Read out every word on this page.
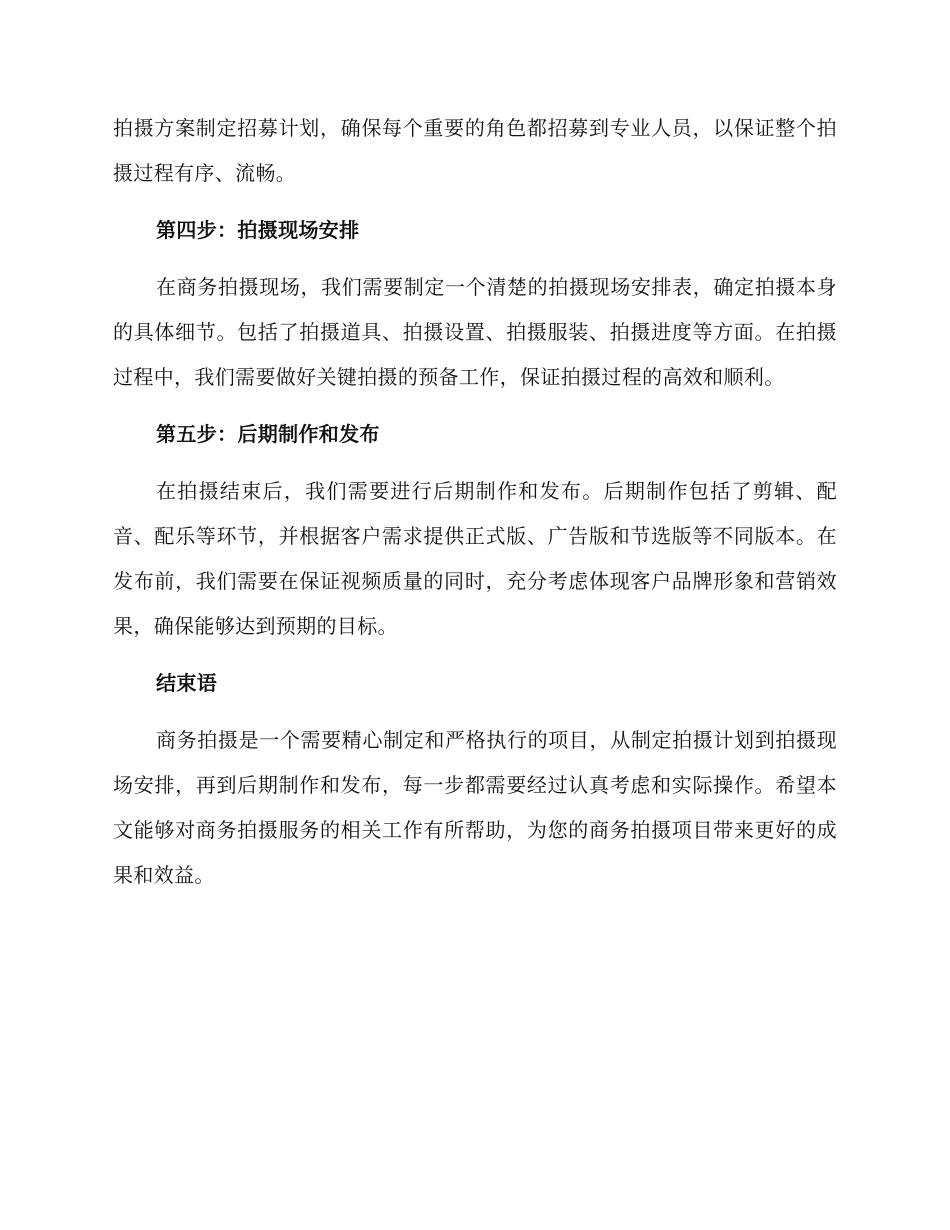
拍摄方案制定招募计划，确保每个重要的角色都招募到专业人员，以保证整个拍摄过程有序、流畅。

第四步：拍摄现场安排

在商务拍摄现场，我们需要制定一个清楚的拍摄现场安排表，确定拍摄本身的具体细节。包括了拍摄道具、拍摄设置、拍摄服装、拍摄进度等方面。在拍摄过程中，我们需要做好关键拍摄的预备工作，保证拍摄过程的高效和顺利。

第五步：后期制作和发布

在拍摄结束后，我们需要进行后期制作和发布。后期制作包括了剪辑、配音、配乐等环节，并根据客户需求提供正式版、广告版和节选版等不同版本。在发布前，我们需要在保证视频质量的同时，充分考虑体现客户品牌形象和营销效果，确保能够达到预期的目标。

结束语

商务拍摄是一个需要精心制定和严格执行的项目，从制定拍摄计划到拍摄现场安排，再到后期制作和发布，每一步都需要经过认真考虑和实际操作。希望本文能够对商务拍摄服务的相关工作有所帮助，为您的商务拍摄项目带来更好的成果和效益。
